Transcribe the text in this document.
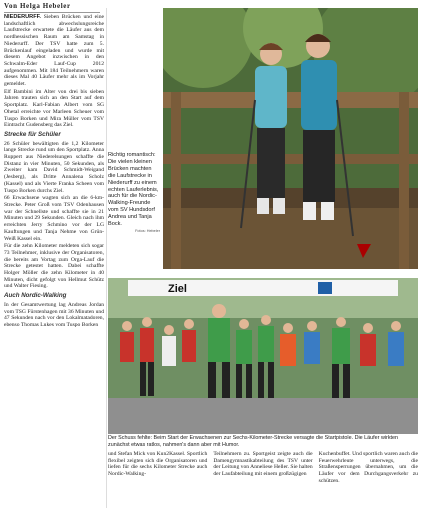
Von Helga Hebeler

NIEDERURFF. Sieben Brücken und eine landschaftlich abwechslungsreiche Laufstrecke erwartete die Läufer aus dem nordhessischen Raum am Samstag in Niederurff. Der TSV hatte zum 5. Brückenlauf eingeladen und wurde mit diesem Angebot inzwischen in den Schwalm-Eder Lauf-Cup 2012 aufgenommen. Mit 184 Teilnehmern waren dieses Mal 40 Läufer mehr als im Vorjahr gemeldet.

Elf Bambini im Alter von drei bis sieben Jahren trauten sich an den Start auf dem Sportplatz. Karl-Fabian Albert vom SG Ohetal erreichte vor Marleen Scheuer vom Tuspo Borken und Mira Müller vom TSV Eintracht Gudensberg das Ziel.

Strecke für Schüler

26 Schüler bewältigten die 1,2 Kilometer lange Strecke rund um den Sportplatz. Anna Ruppert aus Niederelsungen schaffte die Distanz in vier Minuten, 50 Sekunden, als Zweiter kam David Schmidt-Weigand (Jesberg), als Dritte Annalena Scholz (Kassel) und als Vierte Franka Scheen vom Tuspo Borken durchs Ziel.

66 Erwachsene wagten sich an die 6-km-Strecke. Peter Groß vom TSV Odenhausen war der Schnellste und schaffte sie in 21 Minuten und 29 Sekunden. Gleich nach ihm erreichten Jerry Schmino vor der LG Kauftungen und Tanja Nehme von Grün-Weiß Kassel ein.

Für die zehn Kilometer meldeten sich sogar 73 Teilnehmer, inklusive der Organisatoren, die bereits am Vortag zum Orga-Lauf die Strecke getestet hatten. Dabei schaffte Holger Möller die zehn Kilometer in 40 Minuten, dicht gefolgt von Hellmut Schütz und Walter Fiesing.

Auch Nordic-Walking

In der Gesamtwertung lag Andreas Jordan vom TSG Fürstenhagen mit 36 Minuten und 47 Sekunden nach vor den Lokalmatadoren, ebenso Thomas Lukes vom Tuspo Borken

Richtig romantisch: Die vielen kleinen Brücken machten die Laufstrecke in Niederurff zu einem echten Lauferlebnis, auch für die Nordic-Walking-Freunde vom SV Hundsdorf Andrea und Tanja Bock.
Fotos: Hebeler
Ziel
Der Schuss fehlte: Beim Start der Erwachsenen zur Sechs-Kilometer-Strecke versagte die Startpistole. Die Läufer wirkten zunächst etwas ratlos, nahmen's dann aber mit Humor.
und Stefan Mick von Kun2Kassel. Sportlich flexibel zeigten sich die Organisatoren und liefen für die sechs Kilometer Strecke auch Nordic-Walking-
Teilnehmern zu. Sportgeist zeigte auch die Damengymnastikabteilung des TSV unter der Leitung von Anneliese Heller. Sie halten der Laufabteilung mit einem großzügigen
Kuchenbuffet. Und sportlich waren auch die Feuerwehrleute unterwegs, die Straßensperrungen übernahmen, um die Läufer vor dem Durchgangsverkehr zu schützen.
